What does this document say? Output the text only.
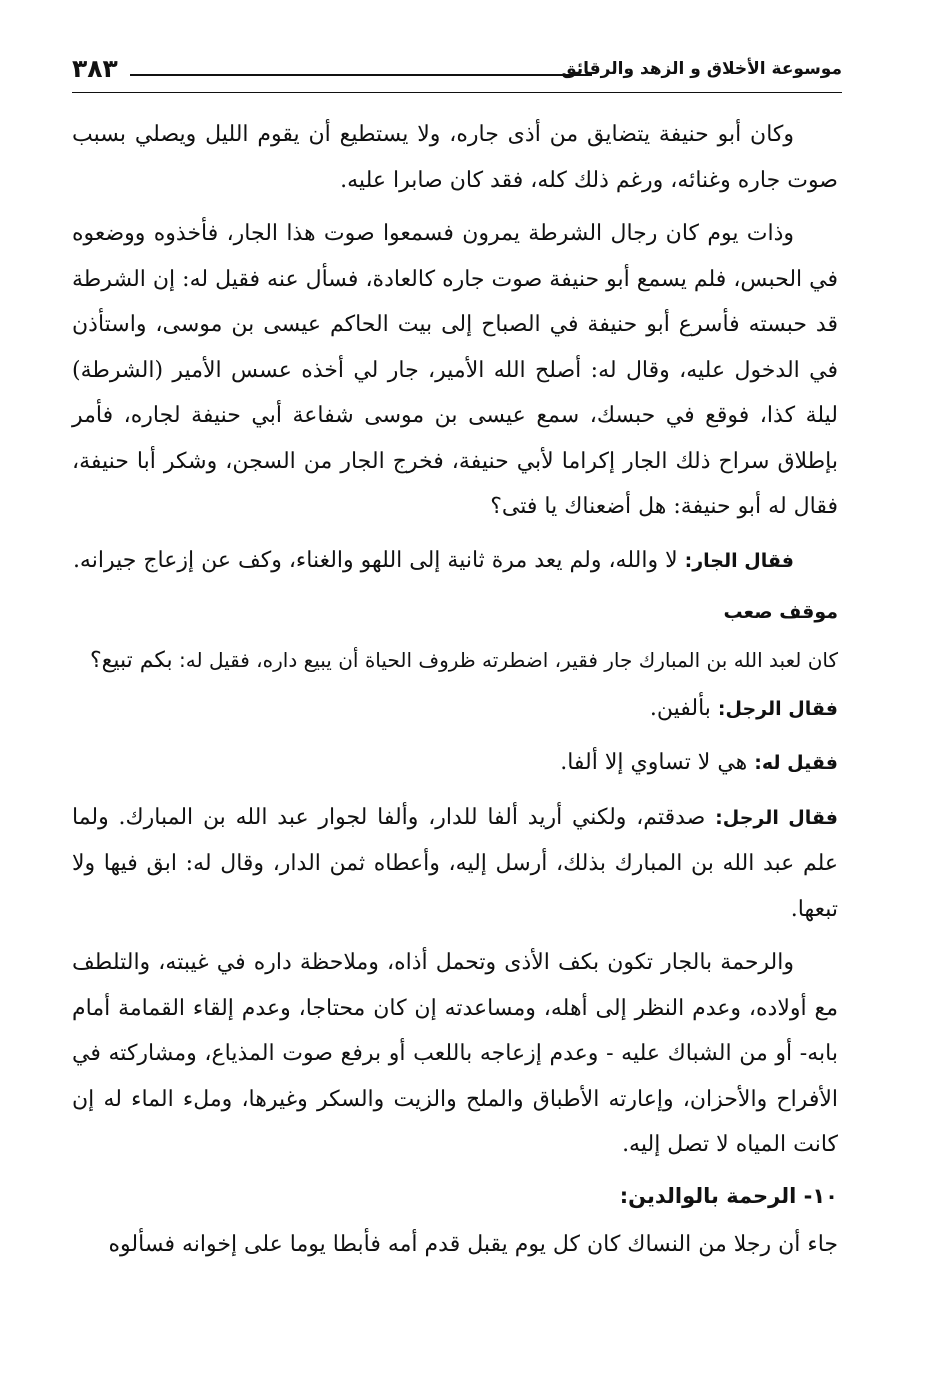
٣٨٣	موسوعة الأخلاق و الزهد والرقائق

وكان أبو حنيفة يتضايق من أذى جاره، ولا يستطيع أن يقوم الليل ويصلي بسبب صوت جاره وغنائه، ورغم ذلك كله، فقد كان صابرا عليه.

وذات يوم كان رجال الشرطة يمرون فسمعوا صوت هذا الجار، فأخذوه ووضعوه في الحبس، فلم يسمع أبو حنيفة صوت جاره كالعادة، فسأل عنه فقيل له: إن الشرطة قد حبسته فأسرع أبو حنيفة في الصباح إلى بيت الحاكم عيسى بن موسى، واستأذن في الدخول عليه، وقال له: أصلح الله الأمير، جار لي أخذه عسس الأمير (الشرطة) ليلة كذا، فوقع في حبسك، سمع عيسى بن موسى شفاعة أبي حنيفة لجاره، فأمر بإطلاق سراح ذلك الجار إكراما لأبي حنيفة، فخرج الجار من السجن، وشكر أبا حنيفة، فقال له أبو حنيفة: هل أضعناك يا فتى؟

فقال الجار: لا والله، ولم يعد مرة ثانية إلى اللهو والغناء، وكف عن إزعاج جيرانه.

موقف صعب

كان لعبد الله بن المبارك جار فقير، اضطرته ظروف الحياة أن يبيع داره، فقيل له: بكم تبيع؟

فقال الرجل: بألفين.

فقيل له: هي لا تساوي إلا ألفا.

فقال الرجل: صدقتم، ولكني أريد ألفا للدار، وألفا لجوار عبد الله بن المبارك. ولما علم عبد الله بن المبارك بذلك، أرسل إليه، وأعطاه ثمن الدار، وقال له: ابق فيها ولا تبعها.

والرحمة بالجار تكون بكف الأذى وتحمل أذاه، وملاحظة داره في غيبته، والتلطف مع أولاده، وعدم النظر إلى أهله، ومساعدته إن كان محتاجا، وعدم إلقاء القمامة أمام بابه- أو من الشباك عليه - وعدم إزعاجه باللعب أو برفع صوت المذياع، ومشاركته في الأفراح والأحزان، وإعارته الأطباق والملح والزيت والسكر وغيرها، وملء الماء له إن كانت المياه لا تصل إليه.

١٠- الرحمة بالوالدين:

جاء أن رجلا من النساك كان كل يوم يقبل قدم أمه فأبطا يوما على إخوانه فسألوه
